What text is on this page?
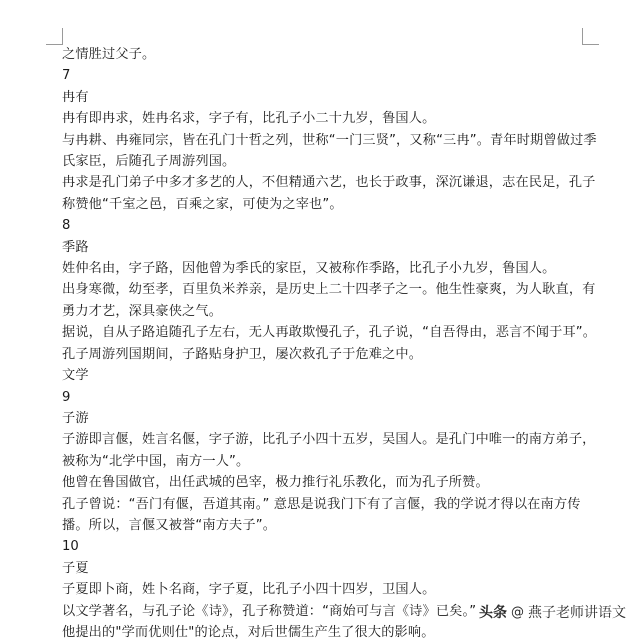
之情胜过父子。
7
冉有
冉有即冉求，姓冉名求，字子有，比孔子小二十九岁，鲁国人。
与冉耕、冉雍同宗，皆在孔门十哲之列，世称“一门三贤”，又称“三冉”。青年时期曾做过季氏家臣，后随孔子周游列国。
冉求是孔门弟子中多才多艺的人，不但精通六艺，也长于政事，深沉谦退，志在民足，孔子称赞他“千室之邑，百乘之家，可使为之宰也”。
8
季路
姓仲名由，字子路，因他曾为季氏的家臣，又被称作季路，比孔子小九岁，鲁国人。
出身寒微，幼至孝，百里负米养亲，是历史上二十四孝子之一。他生性豪爽，为人耿直，有勇力才艺，深具豪侠之气。
据说，自从子路追随孔子左右，无人再敢欺慢孔子，孔子说，“自吾得由，恶言不闻于耳”。
孔子周游列国期间，子路贴身护卫，屡次救孔子于危难之中。
文学
9
子游
子游即言偃，姓言名偃，字子游，比孔子小四十五岁，吴国人。是孔门中唯一的南方弟子，被称为“北学中国，南方一人”。
他曾在鲁国做官，出任武城的邑宰，极力推行礼乐教化，而为孔子所赞。
孔子曾说：“吾门有偃，吾道其南。” 意思是说我门下有了言偃，我的学说才得以在南方传播。所以，言偃又被誉“南方夫子”。
10
子夏
子夏即卜商，姓卜名商，字子夏，比孔子小四十四岁，卫国人。
以文学著名，与孔子论《诗》，孔子称赞道：“商始可与言《诗》已矣。”
他提出的"学而优则仕"的论点，对后世儒生产生了很大的影响。
头条 @ 燕子老师讲语文
